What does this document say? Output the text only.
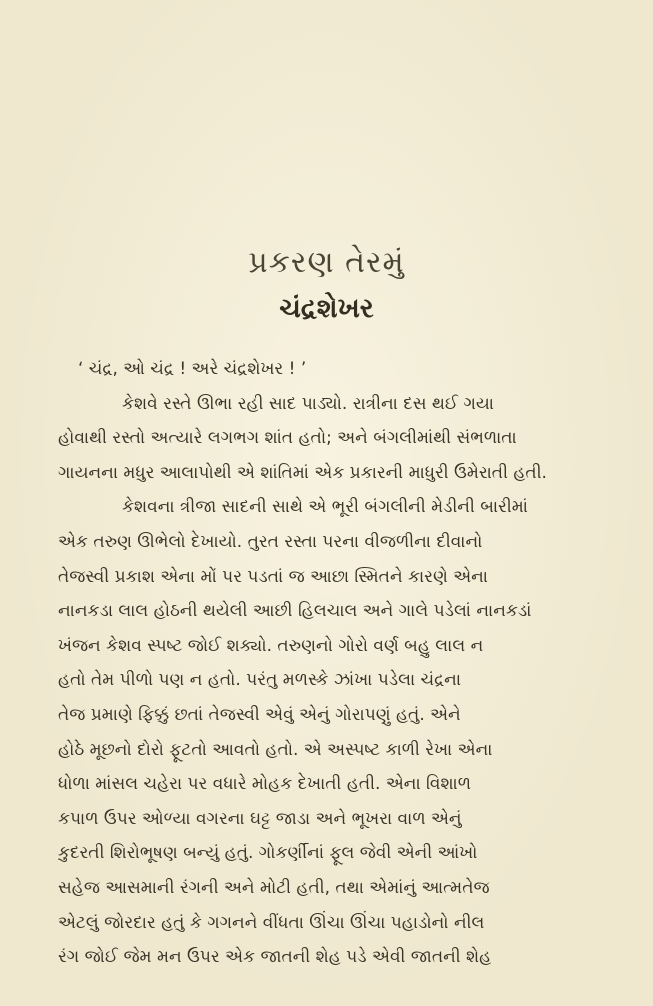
પ્રકરણ તેરમું
ચંદ્રશેખર
‘ ચંદ્ર, ઓ ચંદ્ર ! અરે ચંદ્રશેખર ! ’
કેશવે રસ્તે ઊભા રહી સાદ પાડ્યો. રાત્રીના દસ થઈ ગયા
હોવાથી રસ્તો અત્યારે લગભગ શાંત હતો; અને બંગલીમાંથી સંભળાતા
ગાયનના મધુર આલાપોથી એ શાંતિમાં એક પ્રકારની માધુરી ઉમેરાતી હતી.
કેશવના ત્રીજા સાદની સાથે એ ભૂરી બંગલીની મેડીની બારીમાં
એક તરુણ ઊભેલો દેખાયો. તુરત રસ્તા પરના વીજળીના દીવાનો
તેજસ્વી પ્રકાશ એના મોં પર પડતાં જ આછા સ્મિતને કારણે એના
નાનકડા લાલ હોઠની થયેલી આછી હિલચાલ અને ગાલે પડેલાં નાનકડાં
ખંજન કેશવ સ્પષ્ટ જોઈ શક્યો. તરુણનો ગોરો વર્ણ બહુ લાલ ન
હતો તેમ પીળો પણ ન હતો. પરંતુ મળસ્કે ઝાંખા પડેલા ચંદ્રના
તેજ પ્રમાણે ફિક્કું છતાં તેજસ્વી એવું એનું ગોરાપણું હતું. એને
હોઠે મૂછનો દોરો ફૂટતો આવતો હતો. એ અસ્પષ્ટ કાળી રેખા એના
ધોળા માંસલ ચહેરા પર વધારે મોહક દેખાતી હતી. એના વિશાળ
કપાળ ઉપર ઓળ્યા વગરના ઘટ્ટ જાડા અને ભૂખરા વાળ એનું
કુદરતી શિરોભૂષણ બન્યું હતું. ગોકર્ણીનાં ફૂલ જેવી એની આંખો
સહેજ આસમાની રંગની અને મોટી હતી, તથા એમાંનું આત્મતેજ
એટલું જોરદાર હતું કે ગગનને વીંધતા ઊંચા ઊંચા પહાડોનો નીલ
રંગ જોઈ જેમ મન ઉપર એક જાતની શેહ પડે એવી જાતની શેહ
